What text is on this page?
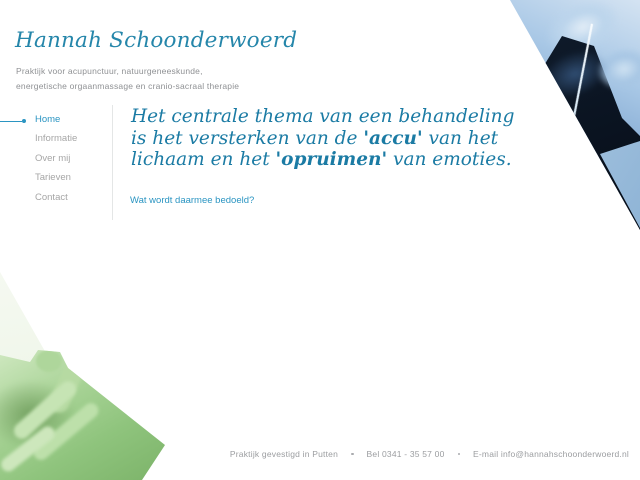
Hannah Schoonderwoerd
Praktijk voor acupunctuur, natuurgeneeskunde,
energetische orgaanmassage en cranio-sacraal therapie
Home
Informatie
Over mij
Tarieven
Contact
Het centrale thema van een behandeling
is het versterken van de 'accu' van het
lichaam en het 'opruimen' van emoties.
Wat wordt daarmee bedoeld?
Praktijk gevestigd in Putten	Bel 0341 - 35 57 00	E-mail info@hannahschoonderwoerd.nl
